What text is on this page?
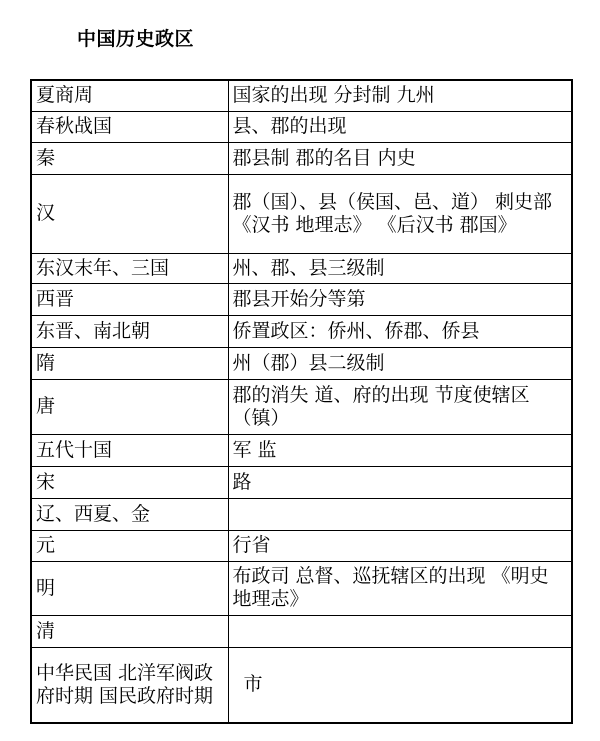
中国历史政区
夏商周	国家的出现 分封制 九州
春秋战国	县、郡的出现
秦	郡县制 郡的名目 内史
汉	郡（国）、县（侯国、邑、道） 刺史部 《汉书 地理志》 《后汉书 郡国》
东汉末年、三国	州、郡、县三级制
西晋	郡县开始分等第
东晋、南北朝	侨置政区：侨州、侨郡、侨县
隋	州（郡）县二级制
唐	郡的消失 道、府的出现 节度使辖区（镇）
五代十国	军 监
宋	路
辽、西夏、金	
元	行省
明	布政司 总督、巡抚辖区的出现 《明史 地理志》
清	
中华民国 北洋军阀政府时期 国民政府时期	市
